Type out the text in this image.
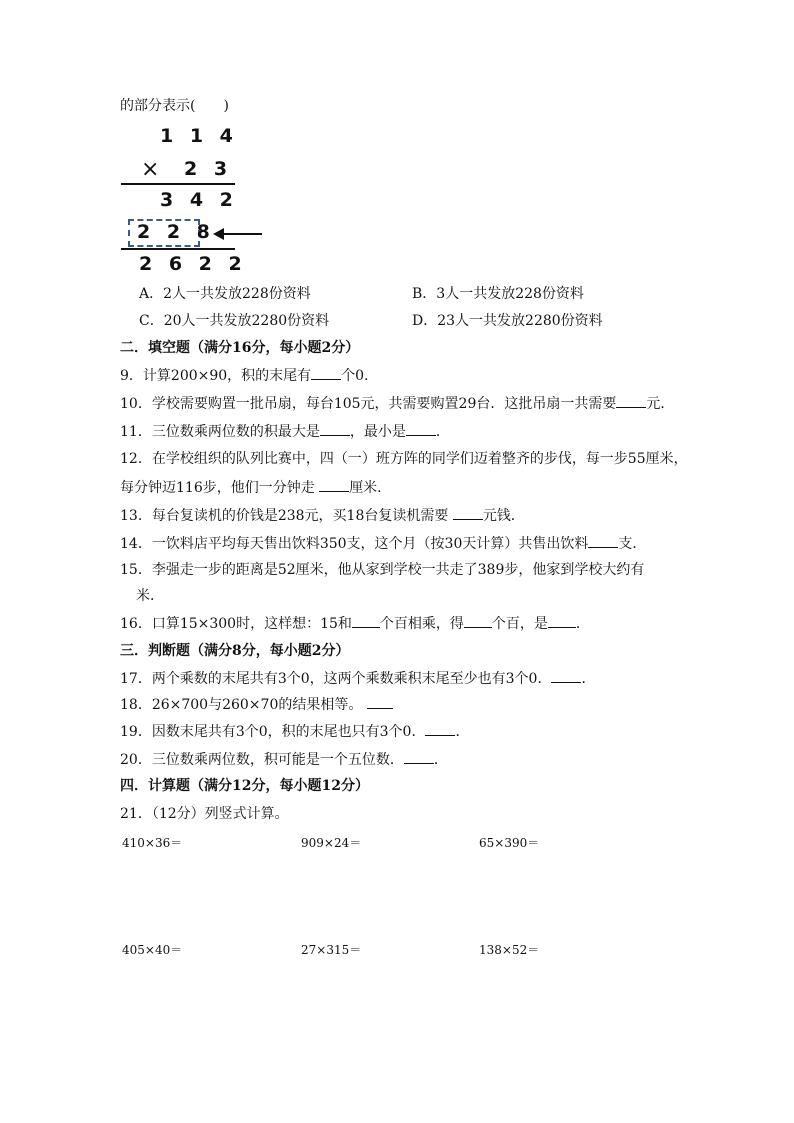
的部分表示(　　)
1 1 4
× 2 3
3 4 2
2 2 8
2 6 2 2
A．2人一共发放228份资料	B．3人一共发放228份资料
C．20人一共发放2280份资料	D．23人一共发放2280份资料
二．填空题（满分16分，每小题2分）
9．计算200×90，积的末尾有 个0．
10．学校需要购置一批吊扇，每台105元，共需要购置29台．这批吊扇一共需要 元．
11．三位数乘两位数的积最大是 ，最小是 ．
12．在学校组织的队列比赛中，四（一）班方阵的同学们迈着整齐的步伐，每一步55厘米，
每分钟迈116步，他们一分钟走 厘米．
13．每台复读机的价钱是238元，买18台复读机需要 元钱．
14．一饮料店平均每天售出饮料350支，这个月（按30天计算）共售出饮料 支．
15．李强走一步的距离是52厘米，他从家到学校一共走了389步，他家到学校大约有
米．
16．口算15×300时，这样想：15和 个百相乘，得 个百，是 ．
三．判断题（满分8分，每小题2分）
17．两个乘数的末尾共有3个0，这两个乘数乘积末尾至少也有3个0． ．
18．26×700与260×70的结果相等。
19．因数末尾共有3个0，积的末尾也只有3个0． ．
20．三位数乘两位数，积可能是一个五位数． ．
四．计算题（满分12分，每小题12分）
21．（12分）列竖式计算。
410×36＝	909×24＝	65×390＝
405×40＝	27×315＝	138×52＝
